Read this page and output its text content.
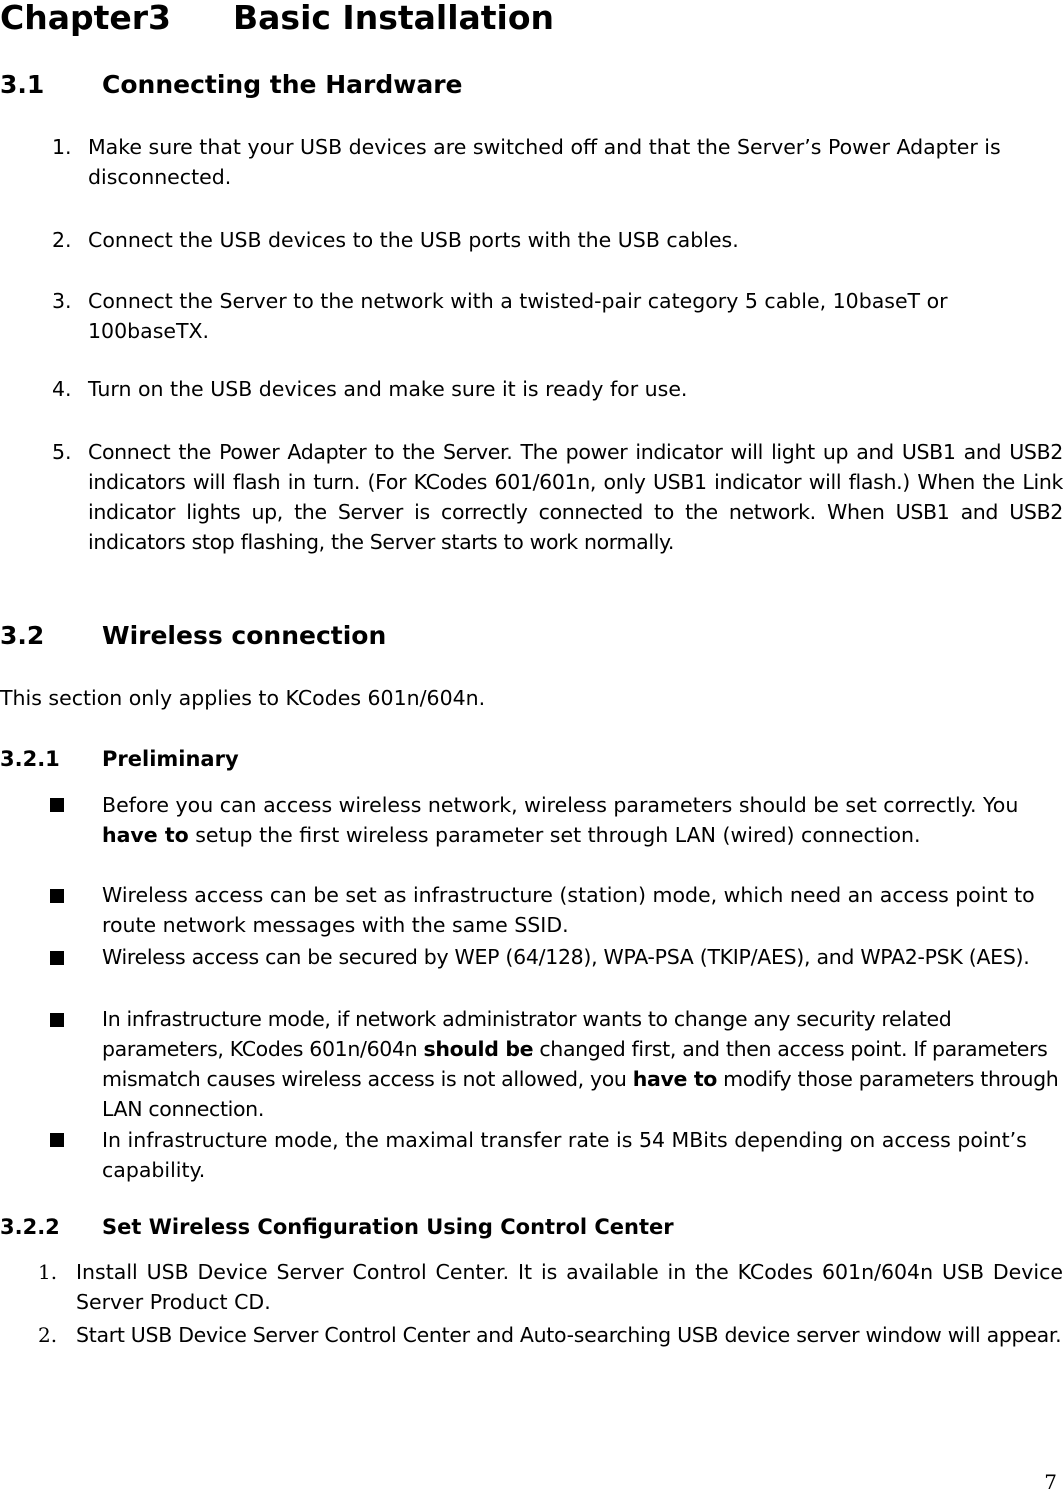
Chapter3 Basic Installation
3.1 Connecting the Hardware
1. Make sure that your USB devices are switched off and that the Server’s Power Adapter is disconnected.
2. Connect the USB devices to the USB ports with the USB cables.
3. Connect the Server to the network with a twisted-pair category 5 cable, 10baseT or 100baseTX.
4. Turn on the USB devices and make sure it is ready for use.
5. Connect the Power Adapter to the Server. The power indicator will light up and USB1 and USB2 indicators will flash in turn. (For KCodes 601/601n, only USB1 indicator will flash.) When the Link indicator lights up, the Server is correctly connected to the network. When USB1 and USB2 indicators stop flashing, the Server starts to work normally.
3.2 Wireless connection
This section only applies to KCodes 601n/604n.
3.2.1 Preliminary
Before you can access wireless network, wireless parameters should be set correctly. You have to setup the first wireless parameter set through LAN (wired) connection.
Wireless access can be set as infrastructure (station) mode, which need an access point to route network messages with the same SSID.
Wireless access can be secured by WEP (64/128), WPA-PSA (TKIP/AES), and WPA2-PSK (AES).
In infrastructure mode, if network administrator wants to change any security related parameters, KCodes 601n/604n should be changed first, and then access point. If parameters mismatch causes wireless access is not allowed, you have to modify those parameters through LAN connection.
In infrastructure mode, the maximal transfer rate is 54 MBits depending on access point’s capability.
3.2.2 Set Wireless Configuration Using Control Center
1. Install USB Device Server Control Center. It is available in the KCodes 601n/604n USB Device Server Product CD.
2. Start USB Device Server Control Center and Auto-searching USB device server window will appear.
7
